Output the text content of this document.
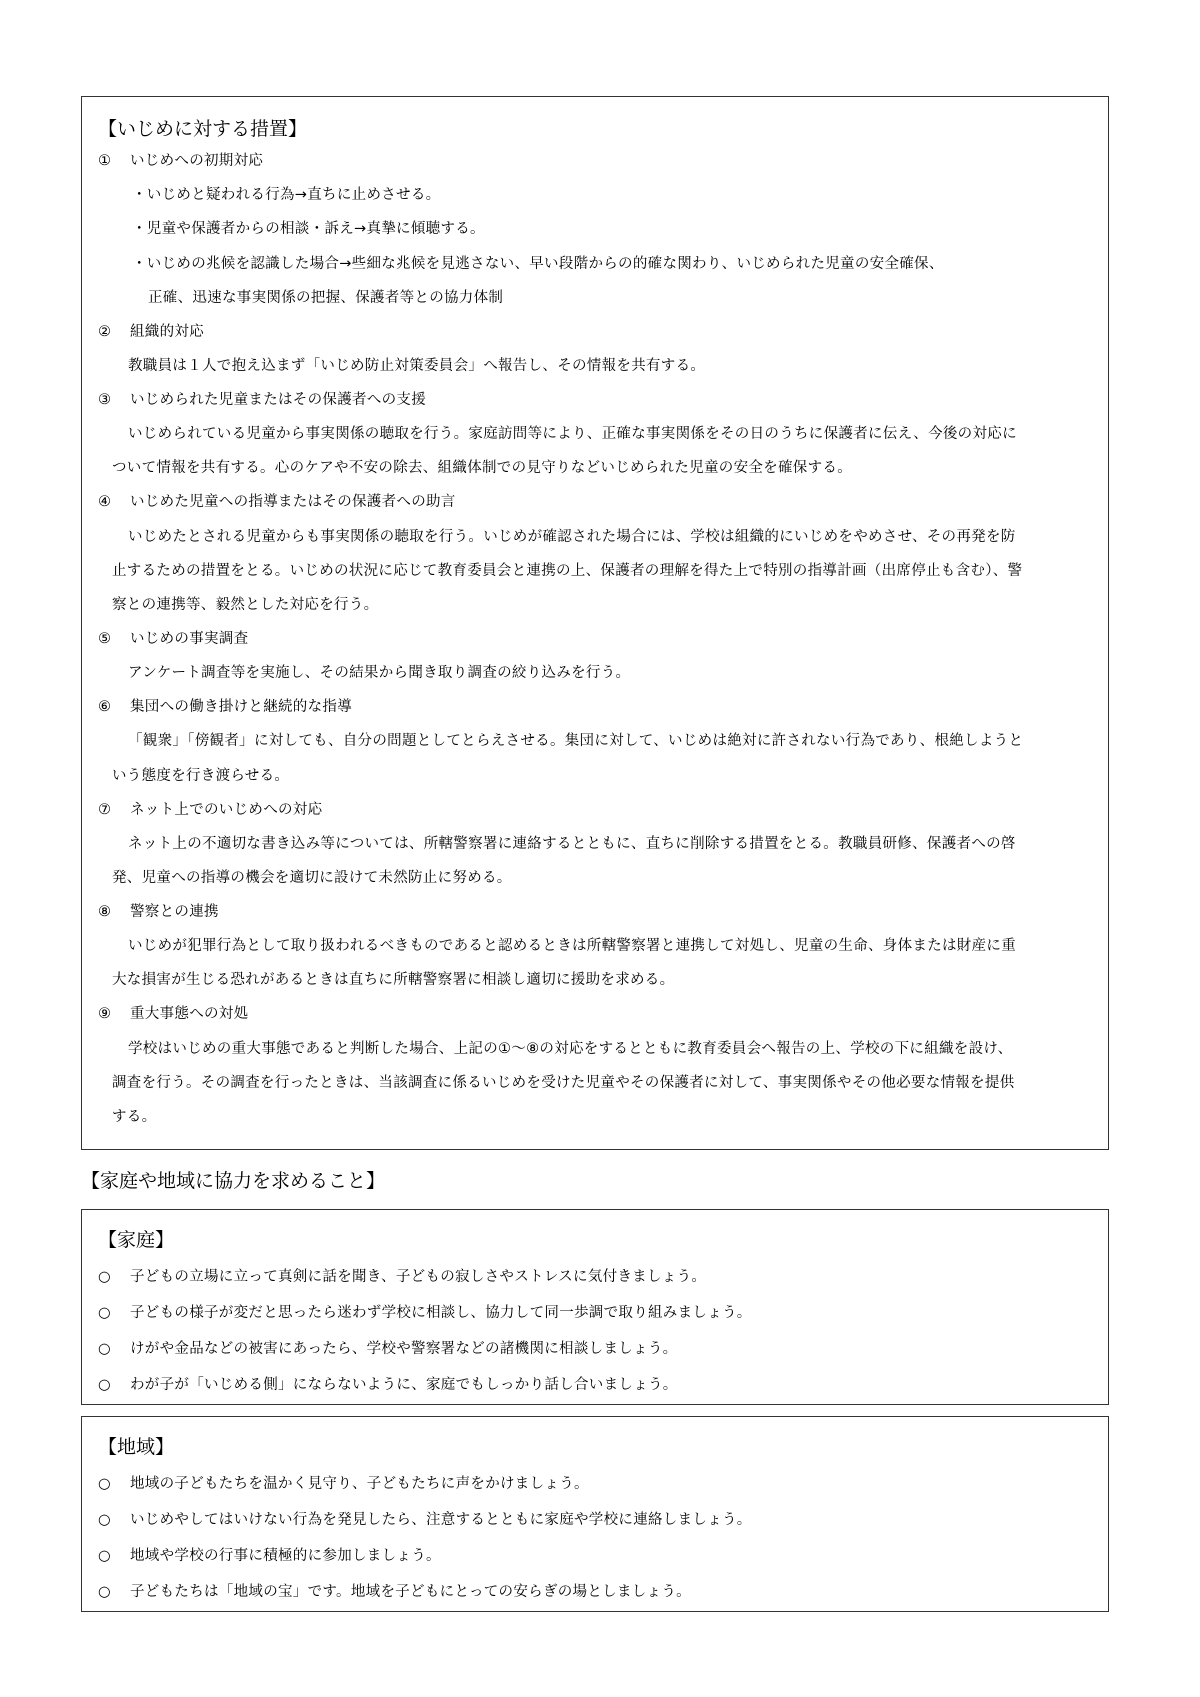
【いじめに対する措置】
① いじめへの初期対応
・いじめと疑われる行為→直ちに止めさせる。
・児童や保護者からの相談・訴え→真摯に傾聴する。
・いじめの兆候を認識した場合→些細な兆候を見逃さない、早い段階からの的確な関わり、いじめられた児童の安全確保、
正確、迅速な事実関係の把握、保護者等との協力体制
② 組織的対応
教職員は１人で抱え込まず「いじめ防止対策委員会」へ報告し、その情報を共有する。
③ いじめられた児童またはその保護者への支援
いじめられている児童から事実関係の聴取を行う。家庭訪問等により、正確な事実関係をその日のうちに保護者に伝え、今後の対応に
ついて情報を共有する。心のケアや不安の除去、組織体制での見守りなどいじめられた児童の安全を確保する。
④ いじめた児童への指導またはその保護者への助言
いじめたとされる児童からも事実関係の聴取を行う。いじめが確認された場合には、学校は組織的にいじめをやめさせ、その再発を防
止するための措置をとる。いじめの状況に応じて教育委員会と連携の上、保護者の理解を得た上で特別の指導計画（出席停止も含む）、警
察との連携等、毅然とした対応を行う。
⑤ いじめの事実調査
アンケート調査等を実施し、その結果から聞き取り調査の絞り込みを行う。
⑥ 集団への働き掛けと継続的な指導
「観衆」「傍観者」に対しても、自分の問題としてとらえさせる。集団に対して、いじめは絶対に許されない行為であり、根絶しようと
いう態度を行き渡らせる。
⑦ ネット上でのいじめへの対応
ネット上の不適切な書き込み等については、所轄警察署に連絡するとともに、直ちに削除する措置をとる。教職員研修、保護者への啓
発、児童への指導の機会を適切に設けて未然防止に努める。
⑧ 警察との連携
いじめが犯罪行為として取り扱われるべきものであると認めるときは所轄警察署と連携して対処し、児童の生命、身体または財産に重
大な損害が生じる恐れがあるときは直ちに所轄警察署に相談し適切に援助を求める。
⑨ 重大事態への対処
学校はいじめの重大事態であると判断した場合、上記の①～⑧の対応をするとともに教育委員会へ報告の上、学校の下に組織を設け、
調査を行う。その調査を行ったときは、当該調査に係るいじめを受けた児童やその保護者に対して、事実関係やその他必要な情報を提供
する。
【家庭や地域に協力を求めること】
【家庭】
○ 子どもの立場に立って真剣に話を聞き、子どもの寂しさやストレスに気付きましょう。
○ 子どもの様子が変だと思ったら迷わず学校に相談し、協力して同一歩調で取り組みましょう。
○ けがや金品などの被害にあったら、学校や警察署などの諸機関に相談しましょう。
○ わが子が「いじめる側」にならないように、家庭でもしっかり話し合いましょう。
【地域】
○ 地域の子どもたちを温かく見守り、子どもたちに声をかけましょう。
○ いじめやしてはいけない行為を発見したら、注意するとともに家庭や学校に連絡しましょう。
○ 地域や学校の行事に積極的に参加しましょう。
○ 子どもたちは「地域の宝」です。地域を子どもにとっての安らぎの場としましょう。
